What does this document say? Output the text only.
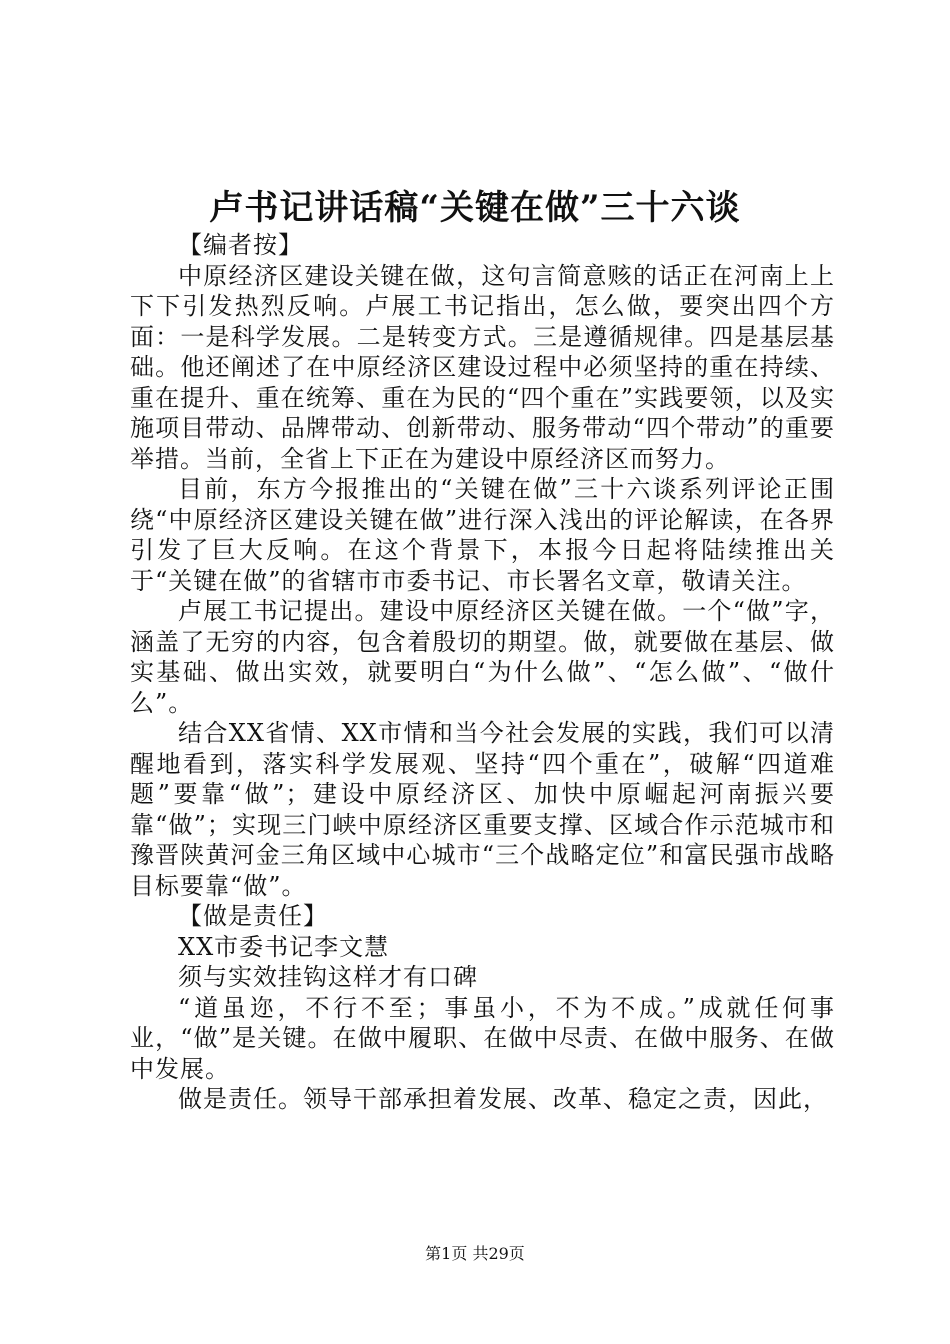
卢书记讲话稿“关键在做”三十六谈

【编者按】

中原经济区建设关键在做，这句言简意赅的话正在河南上上下下引发热烈反响。卢展工书记指出，怎么做，要突出四个方面：一是科学发展。二是转变方式。三是遵循规律。四是基层基础。他还阐述了在中原经济区建设过程中必须坚持的重在持续、重在提升、重在统筹、重在为民的“四个重在”实践要领，以及实施项目带动、品牌带动、创新带动、服务带动“四个带动”的重要举措。当前，全省上下正在为建设中原经济区而努力。

目前，东方今报推出的“关键在做”三十六谈系列评论正围绕“中原经济区建设关键在做”进行深入浅出的评论解读，在各界引发了巨大反响。在这个背景下，本报今日起将陆续推出关于“关键在做”的省辖市市委书记、市长署名文章，敬请关注。

卢展工书记提出。建设中原经济区关键在做。一个“做”字，涵盖了无穷的内容，包含着殷切的期望。做，就要做在基层、做实基础、做出实效，就要明白“为什么做”、“怎么做”、“做什么”。

结合XX省情、XX市情和当今社会发展的实践，我们可以清醒地看到，落实科学发展观、坚持“四个重在”，破解“四道难题”要靠“做”；建设中原经济区、加快中原崛起河南振兴要靠“做”；实现三门峡中原经济区重要支撑、区域合作示范城市和豫晋陕黄河金三角区域中心城市“三个战略定位”和富民强市战略目标要靠“做”。

【做是责任】

XX市委书记李文慧

须与实效挂钩这样才有口碑

“道虽迩，不行不至；事虽小，不为不成。”成就任何事业，“做”是关键。在做中履职、在做中尽责、在做中服务、在做中发展。

做是责任。领导干部承担着发展、改革、稳定之责，因此，

第1页 共29页
